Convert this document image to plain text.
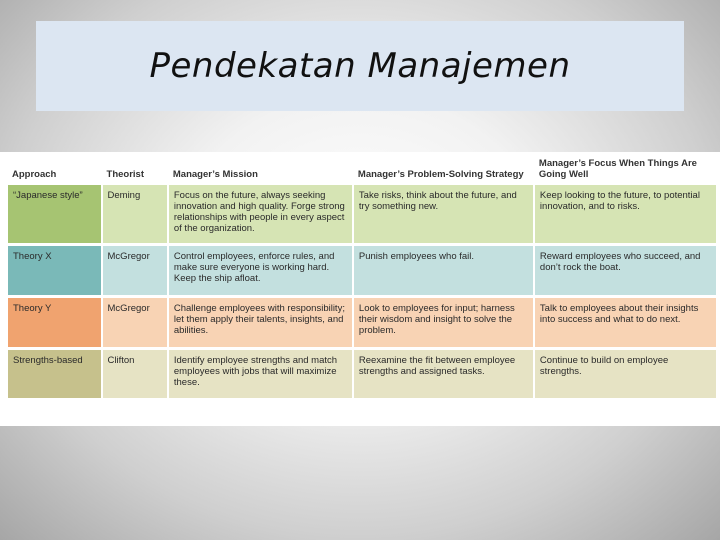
Pendekatan Manajemen
Approach	Theorist	Manager’s Mission	Manager’s Problem-Solving Strategy	Manager’s Focus When Things Are Going Well
“Japanese style”	Deming	Focus on the future, always seeking innovation and high quality. Forge strong relationships with people in every aspect of the organization.	Take risks, think about the future, and try something new.	Keep looking to the future, to potential innovation, and to risks.
Theory X	McGregor	Control employees, enforce rules, and make sure everyone is working hard. Keep the ship afloat.	Punish employees who fail.	Reward employees who succeed, and don’t rock the boat.
Theory Y	McGregor	Challenge employees with responsibility; let them apply their talents, insights, and abilities.	Look to employees for input; harness their wisdom and insight to solve the problem.	Talk to employees about their insights into success and what to do next.
Strengths-based	Clifton	Identify employee strengths and match employees with jobs that will maximize these.	Reexamine the fit between employee strengths and assigned tasks.	Continue to build on employee strengths.
